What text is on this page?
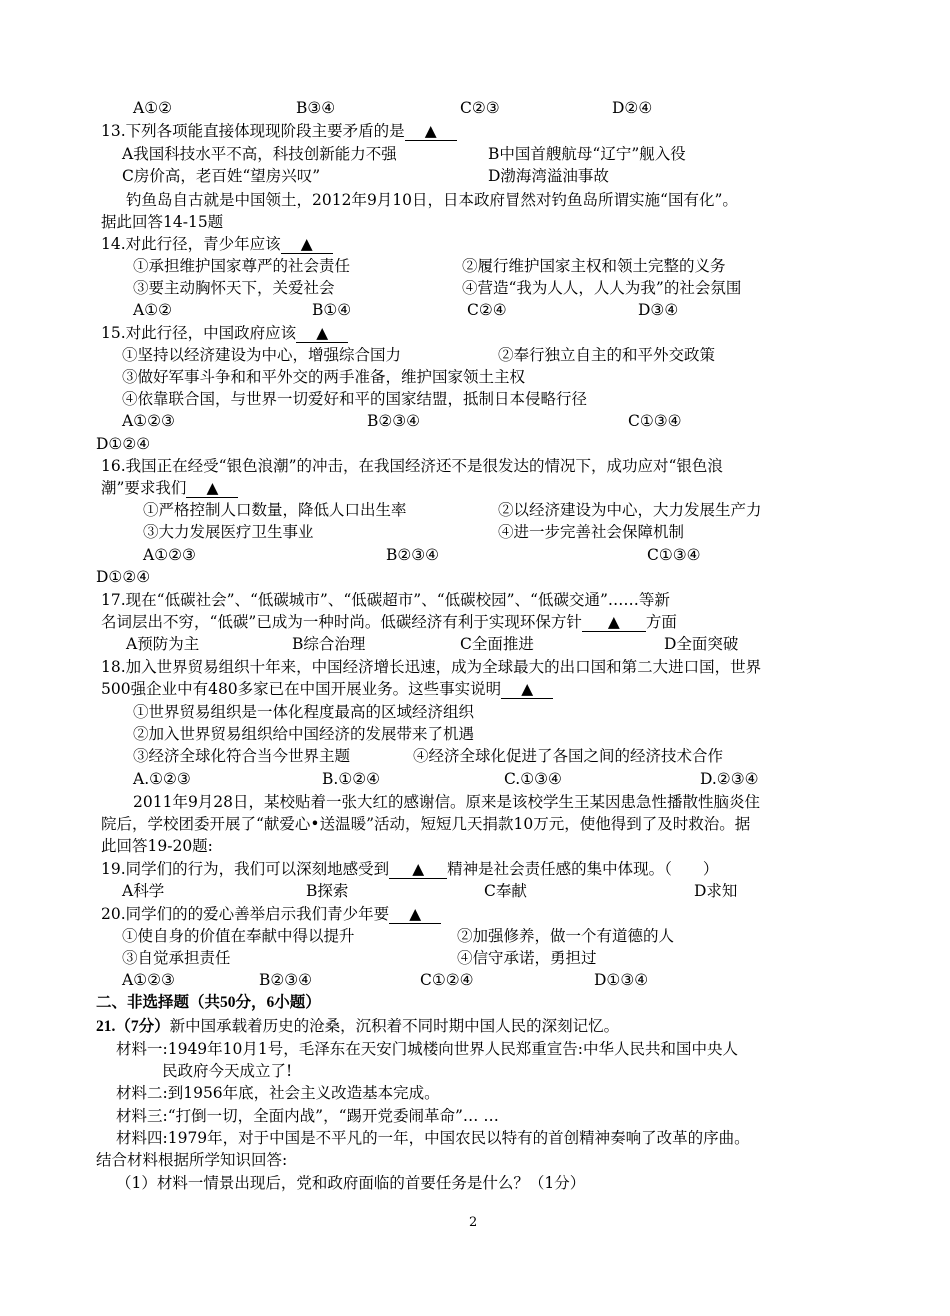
A①②	B③④	C②③	D②④
13.下列各项能直接体现现阶段主要矛盾的是 ▲
A我国科技水平不高，科技创新能力不强	B中国首艘航母“辽宁”舰入役
C房价高，老百姓“望房兴叹”	D渤海湾溢油事故
钓鱼岛自古就是中国领土，2012年9月10日，日本政府冒然对钓鱼岛所谓实施“国有化”。
据此回答14-15题
14.对此行径，青少年应该 ▲
①承担维护国家尊严的社会责任	②履行维护国家主权和领土完整的义务
③要主动胸怀天下，关爱社会	④营造“我为人人，人人为我”的社会氛围
A①②	B①④	C②④	D③④
15.对此行径，中国政府应该 ▲
①坚持以经济建设为中心，增强综合国力	②奉行独立自主的和平外交政策
③做好军事斗争和和平外交的两手准备，维护国家领土主权
④依靠联合国，与世界一切爱好和平的国家结盟，抵制日本侵略行径
A①②③	B②③④	C①③④
D①②④
16.我国正在经受“银色浪潮”的冲击，在我国经济还不是很发达的情况下，成功应对“银色浪
潮”要求我们 ▲
①严格控制人口数量，降低人口出生率	②以经济建设为中心，大力发展生产力
③大力发展医疗卫生事业	④进一步完善社会保障机制
A①②③	B②③④	C①③④
D①②④
17.现在“低碳社会”、“低碳城市”、“低碳超市”、“低碳校园”、“低碳交通”……等新
名词层出不穷，“低碳”已成为一种时尚。低碳经济有利于实现环保方针 ▲ 方面
A预防为主	B综合治理	C全面推进	D全面突破
18.加入世界贸易组织十年来，中国经济增长迅速，成为全球最大的出口国和第二大进口国，世界
500强企业中有480多家已在中国开展业务。这些事实说明 ▲
①世界贸易组织是一体化程度最高的区域经济组织
②加入世界贸易组织给中国经济的发展带来了机遇
③经济全球化符合当今世界主题	④经济全球化促进了各国之间的经济技术合作
A.①②③	B.①②④	C.①③④	D.②③④
2011年9月28日，某校贴着一张大红的感谢信。原来是该校学生王某因患急性播散性脑炎住
院后，学校团委开展了“献爱心•送温暖”活动，短短几天捐款10万元，使他得到了及时救治。据
此回答19-20题:
19.同学们的行为，我们可以深刻地感受到 ▲ 精神是社会责任感的集中体现。（　　）
A科学	B探索	C奉献	D求知
20.同学们的的爱心善举启示我们青少年要 ▲
①使自身的价值在奉献中得以提升	②加强修养，做一个有道德的人
③自觉承担责任	④信守承诺，勇担过
A①②③	B②③④	C①②④	D①③④
二、非选择题（共50分，6小题）
21.（7分）新中国承载着历史的沧桑，沉积着不同时期中国人民的深刻记忆。
材料一:1949年10月1号，毛泽东在天安门城楼向世界人民郑重宣告:中华人民共和国中央人
民政府今天成立了!
材料二:到1956年底，社会主义改造基本完成。
材料三:“打倒一切，全面内战”，“踢开党委闹革命”… …
材料四:1979年，对于中国是不平凡的一年，中国农民以特有的首创精神奏响了改革的序曲。
结合材料根据所学知识回答:
（1）材料一情景出现后，党和政府面临的首要任务是什么？（1分）
2
